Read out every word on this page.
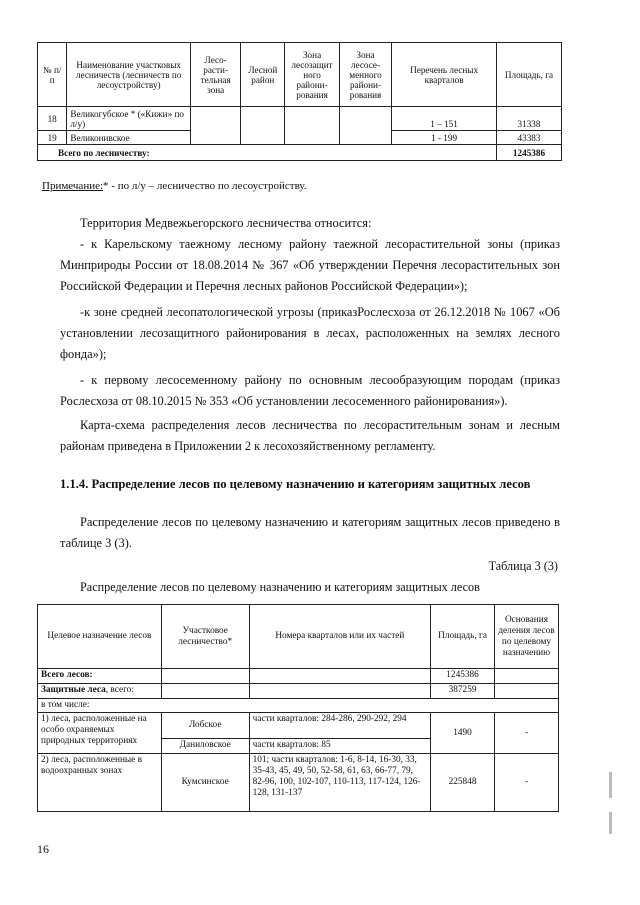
№ п/п	Наименование участковых лесничеств (лесничеств по лесоустройству)	Лесо-расти-тельная зона	Лесной район	Зона лесозащит ного райони-рования	Зона лесосе-менного райони-рования	Перечень лесных кварталов	Площадь, га
18	Великогубское * («Кижи» по л/у)					1 – 151	31338
19	Великонивское					1 - 199	43383
Всего по лесничеству:							1245386
Примечание:* - по л/у – лесничество по лесоустройству.
Территория Медвежьегорского лесничества относится:
- к Карельскому таежному лесному району таежной лесорастительной зоны (приказ Минприроды России от 18.08.2014 № 367 «Об утверждении Перечня лесорастительных зон Российской Федерации и Перечня лесных районов Российской Федерации»);
-к зоне средней лесопатологической угрозы (приказРослесхоза от 26.12.2018 № 1067 «Об установлении лесозащитного районирования в лесах, расположенных на землях лесного фонда»);
- к первому лесосеменному району по основным лесообразующим породам (приказ Рослесхоза от 08.10.2015 № 353 «Об установлении лесосеменного районирования»).
Карта-схема распределения лесов лесничества по лесорастительным зонам и лесным районам приведена в Приложении 2 к лесохозяйственному регламенту.
1.1.4. Распределение лесов по целевому назначению и категориям защитных лесов
Распределение лесов по целевому назначению и категориям защитных лесов приведено в таблице 3 (3).
Таблица 3 (3)
Распределение лесов по целевому назначению и категориям защитных лесов
Целевое назначение лесов	Участковое лесничество*	Номера кварталов или их частей	Площадь, га	Основания деления лесов по целевому назначению
Всего лесов:			1245386	
Защитные леса, всего:			387259	
в том числе:				
1) леса, расположенные на особо охраняемых природных территориях	Лобское	части кварталов: 284-286, 290-292, 294	1490	-
	Даниловское	части кварталов: 85		
2) леса, расположенные в водоохранных зонах	Кумсинское	101; части кварталов: 1-6, 8-14, 16-30, 33, 35-43, 45, 49, 50, 52-58, 61, 63, 66-77, 79, 82-96, 100, 102-107, 110-113, 117-124, 126-128, 131-137	225848	-
16
